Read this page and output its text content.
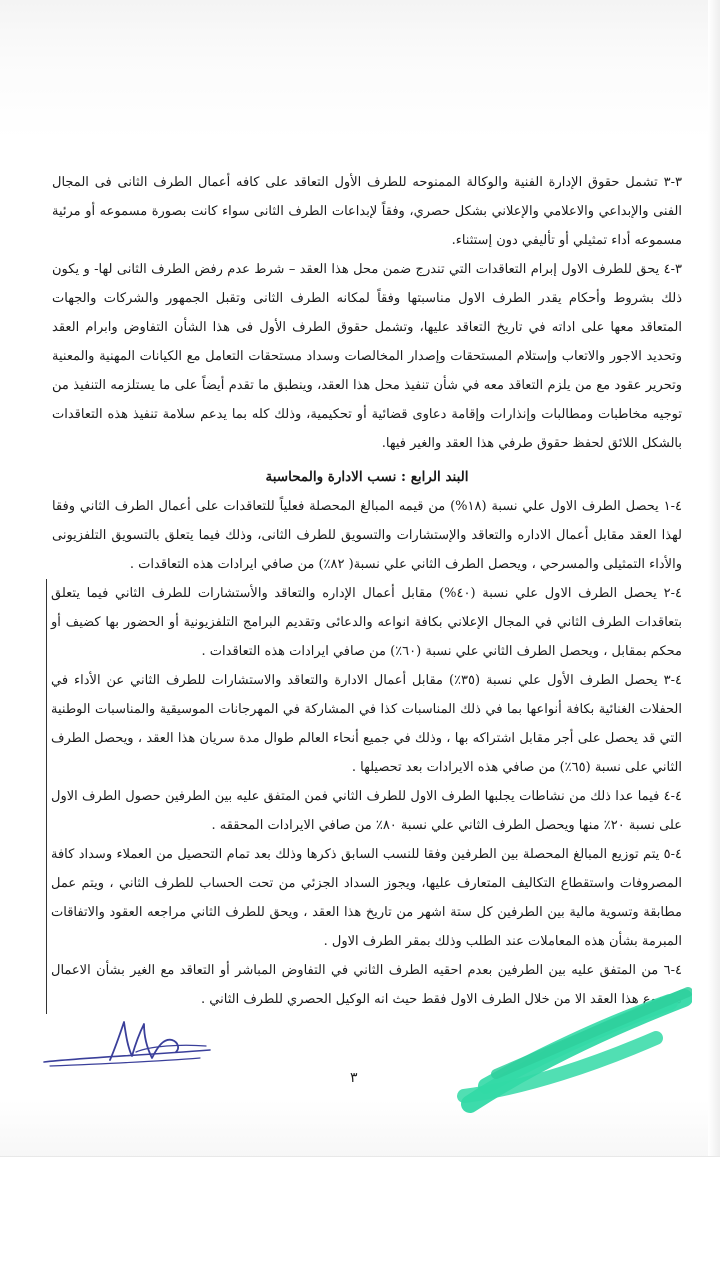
٣-٣ تشمل حقوق الإدارة الفنية والوكالة الممنوحه للطرف الأول التعاقد على كافه أعمال الطرف الثانى فى المجال الفنى والإبداعي والاعلامي والإعلاني بشكل حصري، وفقاً لإبداعات الطرف الثانى سواء كانت بصورة مسموعه أو مرئية مسموعه أداء تمثيلي أو تأليفي دون إستثناء.

٣-٤ يحق للطرف الاول إبرام التعاقدات التي تندرج ضمن محل هذا العقد – شرط عدم رفض الطرف الثانى لها- و يكون ذلك بشروط وأحكام يقدر الطرف الاول مناسبتها وفقاً لمكانه الطرف الثانى وتقبل الجمهور والشركات والجهات المتعاقد معها على اداته في تاريخ التعاقد عليها، وتشمل حقوق الطرف الأول فى هذا الشأن التفاوض وابرام العقد وتحديد الاجور والاتعاب وإستلام المستحقات وإصدار المخالصات وسداد مستحقات التعامل مع الكيانات المهنية والمعنية وتحرير عقود مع من يلزم التعاقد معه في شأن تنفيذ محل هذا العقد، وينطبق ما تقدم أيضاً على ما يستلزمه التنفيذ من توجيه مخاطبات ومطالبات وإنذارات وإقامة دعاوى قضائية أو تحكيمية، وذلك كله بما يدعم سلامة تنفيذ هذه التعاقدات بالشكل اللائق لحفظ حقوق طرفي هذا العقد والغير فيها.

البند الرابع : نسب الادارة والمحاسبة

٤-١ يحصل الطرف الاول علي نسبة (١٨%) من قيمه المبالغ المحصلة فعلياً للتعاقدات على أعمال الطرف الثاني وفقا لهذا العقد مقابل أعمال الاداره والتعاقد والإستشارات والتسويق للطرف الثانى، وذلك فيما يتعلق بالتسويق التلفزيونى والأداء التمثيلى والمسرحي ، ويحصل الطرف الثاني علي نسبة( ٨٢٪) من صافي ايرادات هذه التعاقدات .

٤-٢ يحصل الطرف الاول علي نسبة (٤٠%) مقابل أعمال الإداره والتعاقد والأستشارات للطرف الثاني فيما يتعلق بتعاقدات الطرف الثاني في المجال الإعلاني بكافة انواعه والدعائى وتقديم البرامج التلفزيونية أو الحضور بها كضيف أو محكم بمقابل ، ويحصل الطرف الثاني علي نسبة (٦٠٪) من صافي ايرادات هذه التعاقدات .

٤-٣ يحصل الطرف الأول علي نسبة (٣٥٪) مقابل أعمال الادارة والتعاقد والاستشارات للطرف الثاني عن الأداء في الحفلات الغنائية بكافة أنواعها بما في ذلك المناسبات كذا في المشاركة في المهرجانات الموسيقية والمناسبات الوطنية التي قد يحصل على أجر مقابل اشتراكه بها ، وذلك في جميع أنحاء العالم طوال مدة سريان هذا العقد ، ويحصل الطرف الثاني على نسبة (٦٥٪) من صافي هذه الايرادات بعد تحصيلها .

٤-٤ فيما عدا ذلك من نشاطات يجلبها الطرف الاول للطرف الثاني فمن المتفق عليه بين الطرفين حصول الطرف الاول على نسبة ٢٠٪ منها ويحصل الطرف الثاني علي نسبة ٨٠٪ من صافي الايرادات المحققه .

٤-٥ يتم توزيع المبالغ المحصلة بين الطرفين وفقا للنسب السابق ذكرها وذلك بعد تمام التحصيل من العملاء وسداد كافة المصروفات واستقطاع التكاليف المتعارف عليها، ويجوز السداد الجزئي من تحت الحساب للطرف الثاني ، ويتم عمل مطابقة وتسوية مالية بين الطرفين كل ستة اشهر من تاريخ هذا العقد ، ويحق للطرف الثاني مراجعه العقود والاتفاقات المبرمة بشأن هذه المعاملات عند الطلب وذلك بمقر الطرف الاول .

٤-٦ من المتفق عليه بين الطرفين بعدم احقيه الطرف الثاني في التفاوض المباشر أو التعاقد مع الغير بشأن الاعمال موضوع هذا العقد الا من خلال الطرف الاول فقط حيث انه الوكيل الحصري للطرف الثاني .

٣
